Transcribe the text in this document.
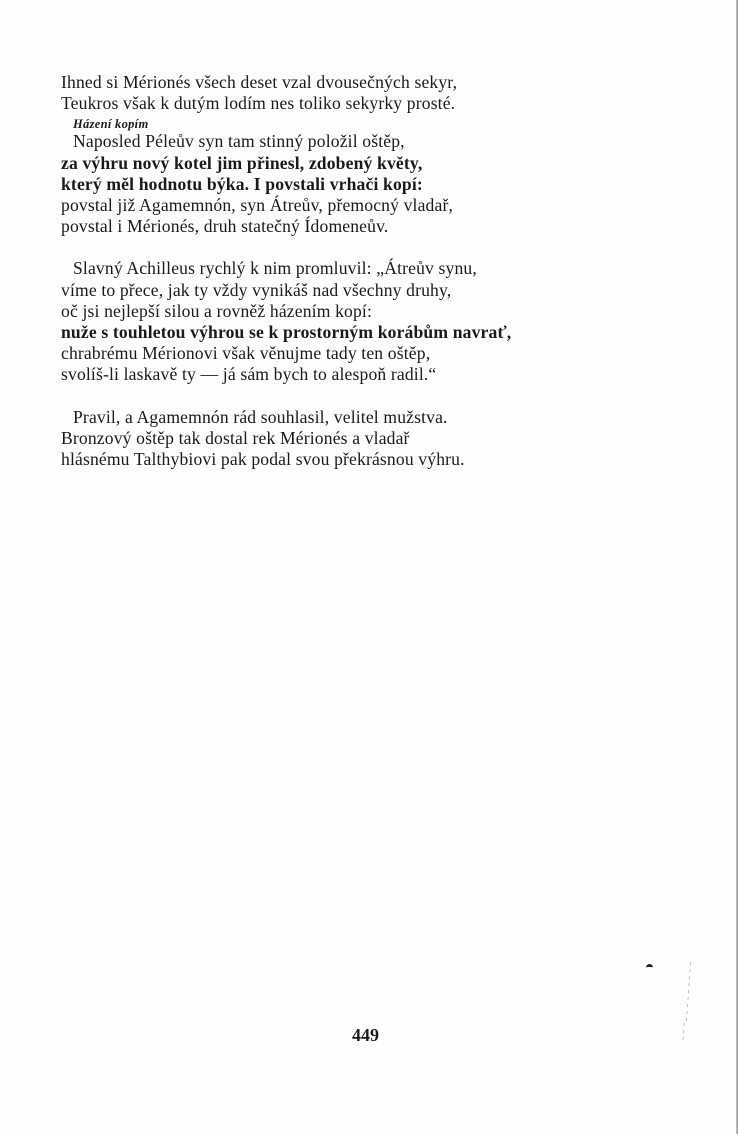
Ihned si Mérionés všech deset vzal dvousečných sekyr,
Teukros však k dutým lodím nes toliko sekyrky prosté.
Házení kopím
Naposled Péleův syn tam stinný položil oštěp,
za výhru nový kotel jim přinesl, zdobený květy,
který měl hodnotu býka. I povstali vrhači kopí:
povstal již Agamemnón, syn Átreův, přemocný vladař,
povstal i Mérionés, druh statečný Ídomeneův.
Slavný Achilleus rychlý k nim promluvil: „Átreův synu,
víme to přece, jak ty vždy vynikáš nad všechny druhy,
oč jsi nejlepší silou a rovněž házením kopí:
nuže s touhletou výhrou se k prostorným korábům navrať,
chrabrému Mérionovi však věnujme tady ten oštěp,
svolíš-li laskavě ty — já sám bych to alespoň radil.“
Pravil, a Agamemnón rád souhlasil, velitel mužstva.
Bronzový oštěp tak dostal rek Mérionés a vladař
hlásnému Talthybiovi pak podal svou překrásnou výhru.
449
